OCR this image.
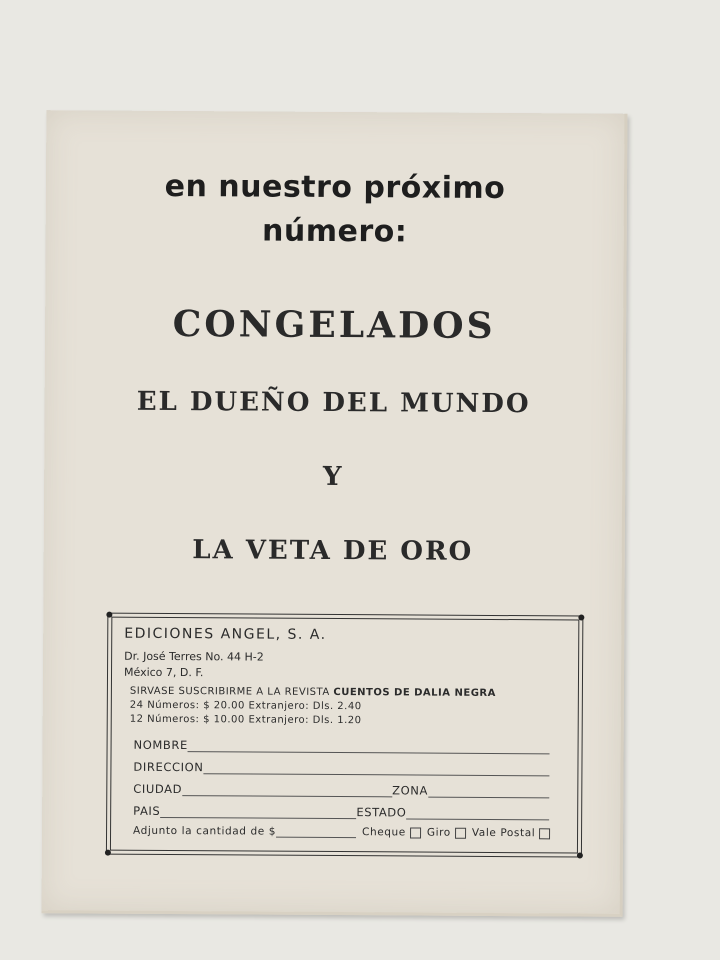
en nuestro próximo
número:
CONGELADOS
EL DUEÑO DEL MUNDO
Y
LA VETA DE ORO
EDICIONES ANGEL, S. A.
Dr. José Terres No. 44 H-2
México 7, D. F.
SIRVASE SUSCRIBIRME A LA REVISTA CUENTOS DE DALIA NEGRA
24 Números: $ 20.00 Extranjero: Dls. 2.40
12 Números: $ 10.00 Extranjero: Dls. 1.20
NOMBRE
DIRECCION
CIUDAD	ZONA
PAIS	ESTADO
Adjunto la cantidad de $	Cheque Giro Vale Postal
